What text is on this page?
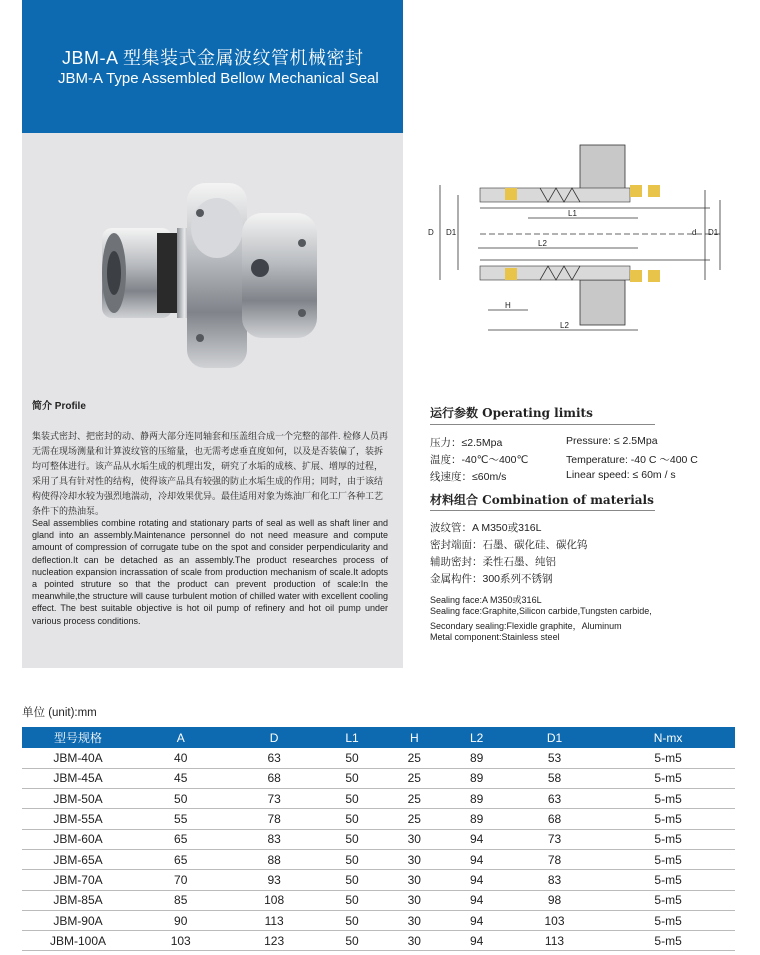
JBM-A 型集装式金属波纹管机械密封
JBM-A Type Assembled Bellow Mechanical Seal
简介 Profile
集装式密封、把密封的动、静两大部分连同轴套和压盖组合成一个完整的部件. 检修人员再无需在现场测量和计算波纹管的压缩量，也无需考虑垂直度如何，以及是否装偏了，装拆均可整体进行。该产品从水垢生成的机理出发，研究了水垢的成核、扩展、增厚的过程，采用了具有针对性的结构，使得该产品具有较强的防止水垢生成的作用；同时，由于该结构使得冷却水较为强烈地湍动，冷却效果优异。最佳适用对象为炼油厂和化工厂各种工艺条件下的热油泵。
Seal assemblies combine rotating and stationary parts of seal as well as shaft liner and gland into an assembly.Maintenance personnel do not need measure and compute amount of compression of corrugate tube on the spot and consider perpendicularity and deflection.It can be detached as an assembly.The product researches process of nucleation expansion incrassation of scale from production mechanism of scale.It adopts a pointed struture so that the product can prevent production of scale:In the meanwhile,the structure will cause turbulent motion of chilled water with excellent cooling effect. The best suitable objective is hot oil pump of refinery and hot oil pump under various process conditions.
L1
L2
H
L2
D D1	d D1
运行参数 Operating limits
压力：≤2.5Mpa	Pressure: ≤ 2.5Mpa
温度：-40℃～400℃	Temperature: -40 C ～400 C
线速度：≤60m/s	Linear speed: ≤ 60m / s
材料组合 Combination of materials
波纹管：A M350或316L
密封端面：石墨、碳化硅、碳化钨
辅助密封：柔性石墨、纯铝
金属构件：300系列不锈钢
Sealing face:A M350或316L
Sealing face:Graphite,Silicon carbide,Tungsten carbide,
Secondary sealing:Flexidle graphite，Aluminum
Metal component:Stainless steel
单位 (unit):mm
型号规格	A	D	L1	H	L2	D1	N-mx
JBM-40A	40	63	50	25	89	53	5-m5
JBM-45A	45	68	50	25	89	58	5-m5
JBM-50A	50	73	50	25	89	63	5-m5
JBM-55A	55	78	50	25	89	68	5-m5
JBM-60A	65	83	50	30	94	73	5-m5
JBM-65A	65	88	50	30	94	78	5-m5
JBM-70A	70	93	50	30	94	83	5-m5
JBM-85A	85	108	50	30	94	98	5-m5
JBM-90A	90	113	50	30	94	103	5-m5
JBM-100A	103	123	50	30	94	113	5-m5
